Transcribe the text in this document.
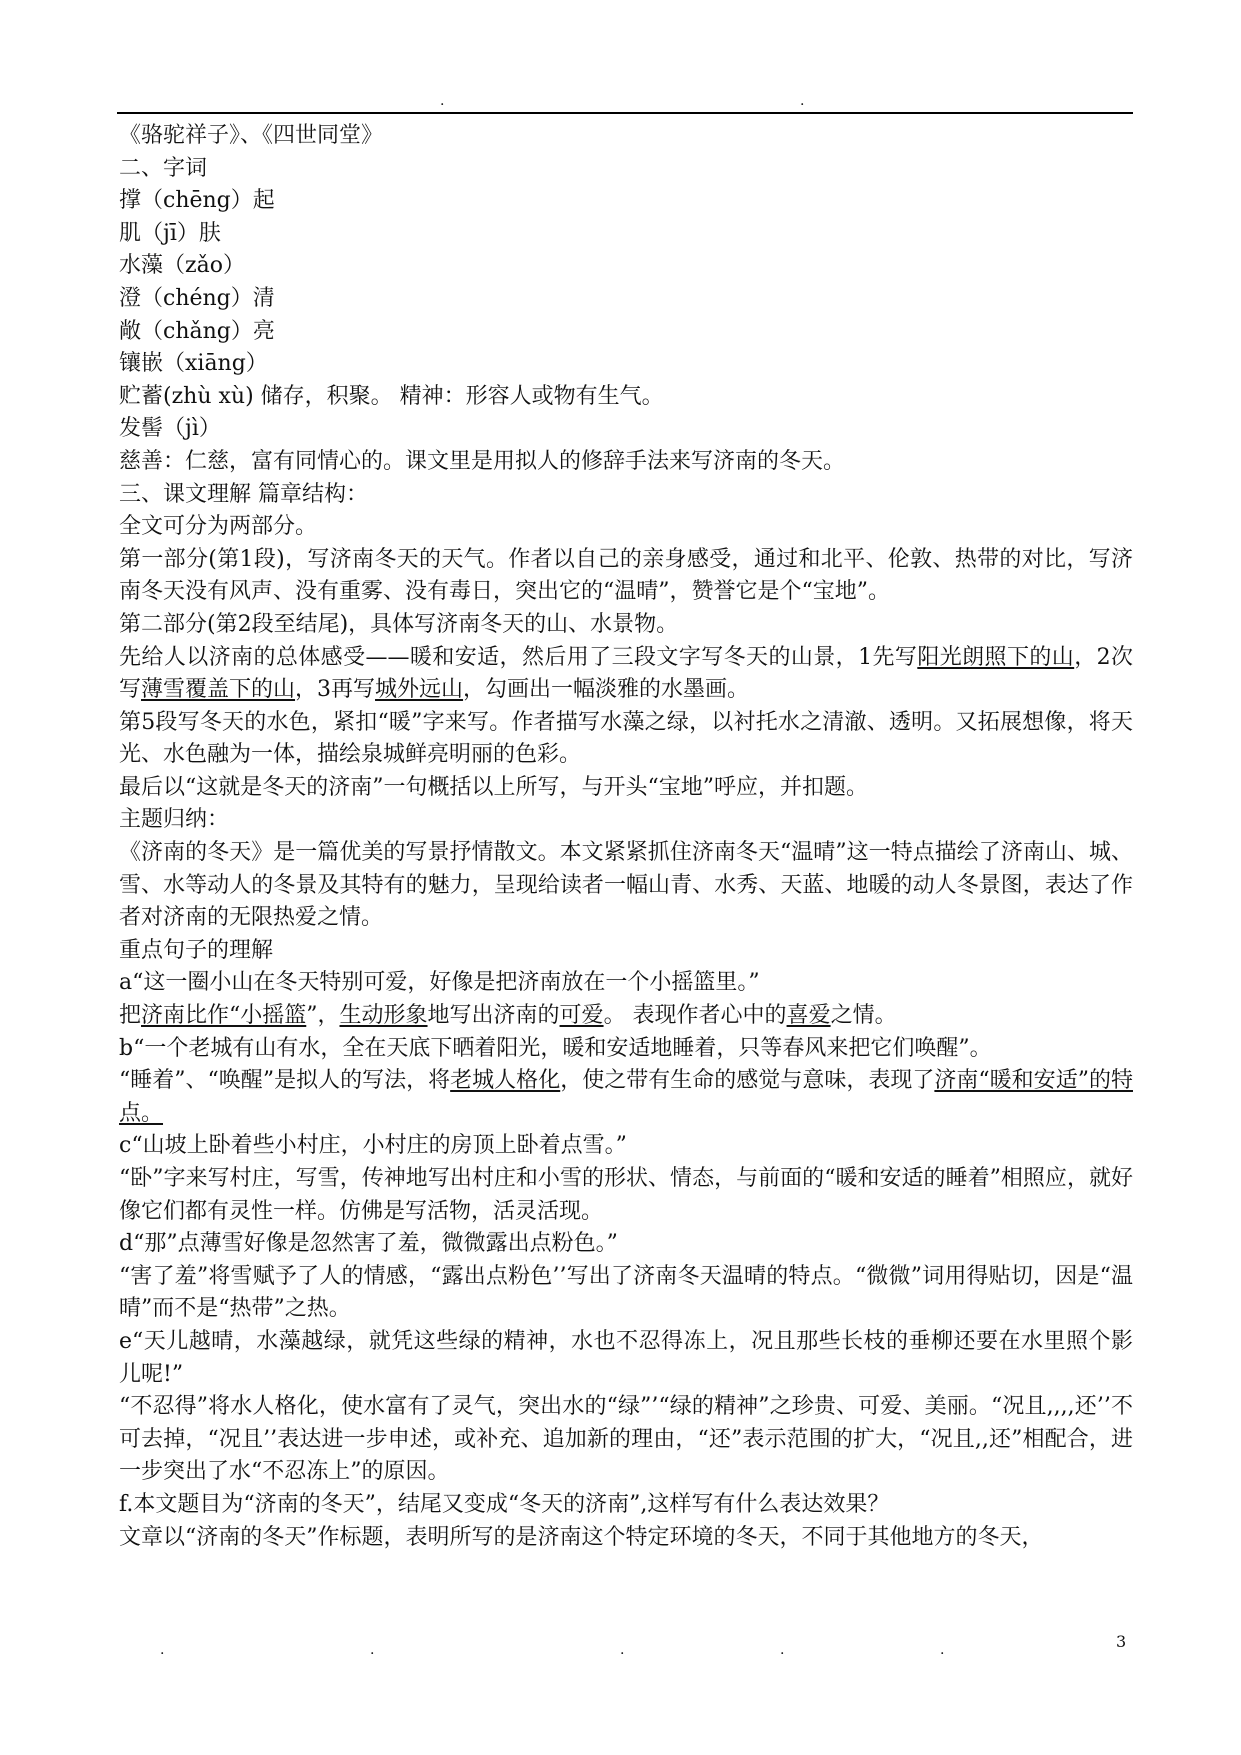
.	.

《骆驼祥子》、《四世同堂》

二、字词

撑（chēng）起

肌（jī）肤

水藻（zǎo）

澄（chéng）清

敞（chǎng）亮

镶嵌（xiāng）

贮蓄(zhù xù) 储存，积聚。 精神：形容人或物有生气。

发髻（jì）

慈善：仁慈，富有同情心的。课文里是用拟人的修辞手法来写济南的冬天。

三、课文理解 篇章结构：

全文可分为两部分。

第一部分(第1段)，写济南冬天的天气。作者以自己的亲身感受，通过和北平、伦敦、热带的对比，写济南冬天没有风声、没有重雾、没有毒日，突出它的“温晴”，赞誉它是个“宝地”。

第二部分(第2段至结尾)，具体写济南冬天的山、水景物。

先给人以济南的总体感受——暖和安适，然后用了三段文字写冬天的山景，1先写阳光朗照下的山，2次写薄雪覆盖下的山，3再写城外远山，勾画出一幅淡雅的水墨画。

第5段写冬天的水色，紧扣“暖”字来写。作者描写水藻之绿，以衬托水之清澈、透明。又拓展想像，将天光、水色融为一体，描绘泉城鲜亮明丽的色彩。

最后以“这就是冬天的济南”一句概括以上所写，与开头“宝地”呼应，并扣题。

主题归纳：

《济南的冬天》是一篇优美的写景抒情散文。本文紧紧抓住济南冬天“温晴”这一特点描绘了济南山、城、雪、水等动人的冬景及其特有的魅力，呈现给读者一幅山青、水秀、天蓝、地暖的动人冬景图，表达了作者对济南的无限热爱之情。

重点句子的理解

a“这一圈小山在冬天特别可爱，好像是把济南放在一个小摇篮里。”

把济南比作“小摇篮”，生动形象地写出济南的可爱。 表现作者心中的喜爱之情。

b“一个老城有山有水，全在天底下晒着阳光，暖和安适地睡着，只等春风来把它们唤醒”。

“睡着”、“唤醒”是拟人的写法，将老城人格化，使之带有生命的感觉与意味，表现了济南“暖和安适”的特点。

c“山坡上卧着些小村庄，小村庄的房顶上卧着点雪。”

“卧”字来写村庄，写雪，传神地写出村庄和小雪的形状、情态，与前面的“暖和安适的睡着”相照应，就好像它们都有灵性一样。仿佛是写活物，活灵活现。

d“那”点薄雪好像是忽然害了羞，微微露出点粉色。”

“害了羞”将雪赋予了人的情感，“露出点粉色’’写出了济南冬天温晴的特点。“微微”词用得贴切，因是“温晴”而不是“热带”之热。

e“天儿越晴，水藻越绿，就凭这些绿的精神，水也不忍得冻上，况且那些长枝的垂柳还要在水里照个影儿呢!”

“不忍得”将水人格化，使水富有了灵气，突出水的“绿”’“绿的精神”之珍贵、可爱、美丽。“况且,,,,还’’不可去掉，“况且’’表达进一步申述，或补充、追加新的理由，“还”表示范围的扩大，“况且,,还”相配合，进一步突出了水“不忍冻上”的原因。

f.本文题目为“济南的冬天”，结尾又变成“冬天的济南”,这样写有什么表达效果？

文章以“济南的冬天”作标题，表明所写的是济南这个特定环境的冬天，不同于其他地方的冬天，

.	.	.	.	.	3
